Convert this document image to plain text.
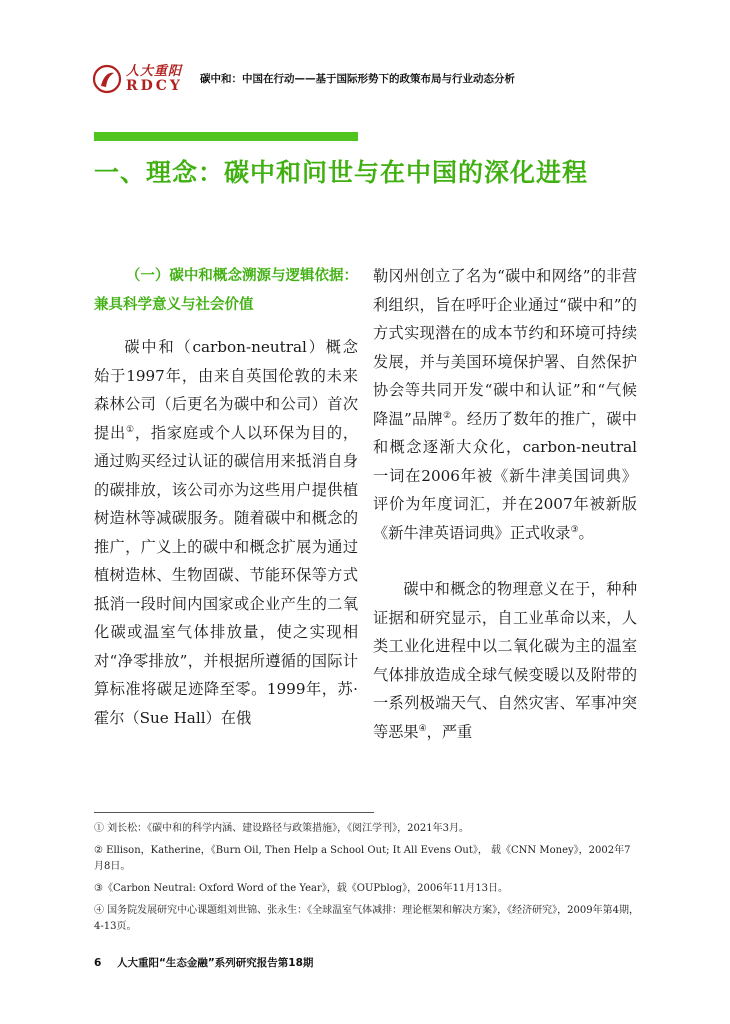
人大重阳
RDCY 碳中和：中国在行动——基于国际形势下的政策布局与行业动态分析
一、理念：碳中和问世与在中国的深化进程
（一）碳中和概念溯源与逻辑依据：兼具科学意义与社会价值

碳中和（carbon-neutral）概念始于1997年，由来自英国伦敦的未来森林公司（后更名为碳中和公司）首次提出①，指家庭或个人以环保为目的，通过购买经过认证的碳信用来抵消自身的碳排放，该公司亦为这些用户提供植树造林等减碳服务。随着碳中和概念的推广，广义上的碳中和概念扩展为通过植树造林、生物固碳、节能环保等方式抵消一段时间内国家或企业产生的二氧化碳或温室气体排放量，使之实现相对“净零排放”，并根据所遵循的国际计算标准将碳足迹降至零。1999年，苏·霍尔（Sue Hall）在俄

勒冈州创立了名为“碳中和网络”的非营利组织，旨在呼吁企业通过“碳中和”的方式实现潜在的成本节约和环境可持续发展，并与美国环境保护署、自然保护协会等共同开发“碳中和认证”和“气候降温”品牌②。经历了数年的推广，碳中和概念逐渐大众化，carbon-neutral一词在2006年被《新牛津美国词典》评价为年度词汇，并在2007年被新版《新牛津英语词典》正式收录③。

碳中和概念的物理意义在于，种种证据和研究显示，自工业革命以来，人类工业化进程中以二氧化碳为主的温室气体排放造成全球气候变暖以及附带的一系列极端天气、自然灾害、军事冲突等恶果④，严重

① 刘长松：《碳中和的科学内涵、建设路径与政策措施》，《阅江学刊》，2021年3月。

② Ellison，Katherine，《Burn Oil, Then Help a School Out; It All Evens Out》， 载《CNN Money》，2002年7月8日。

③《Carbon Neutral: Oxford Word of the Year》，载《OUPblog》，2006年11月13日。

④ 国务院发展研究中心课题组刘世锦、张永生：《全球温室气体减排：理论框架和解决方案》，《经济研究》，2009年第4期，4-13页。

6 人大重阳“生态金融”系列研究报告第18期
